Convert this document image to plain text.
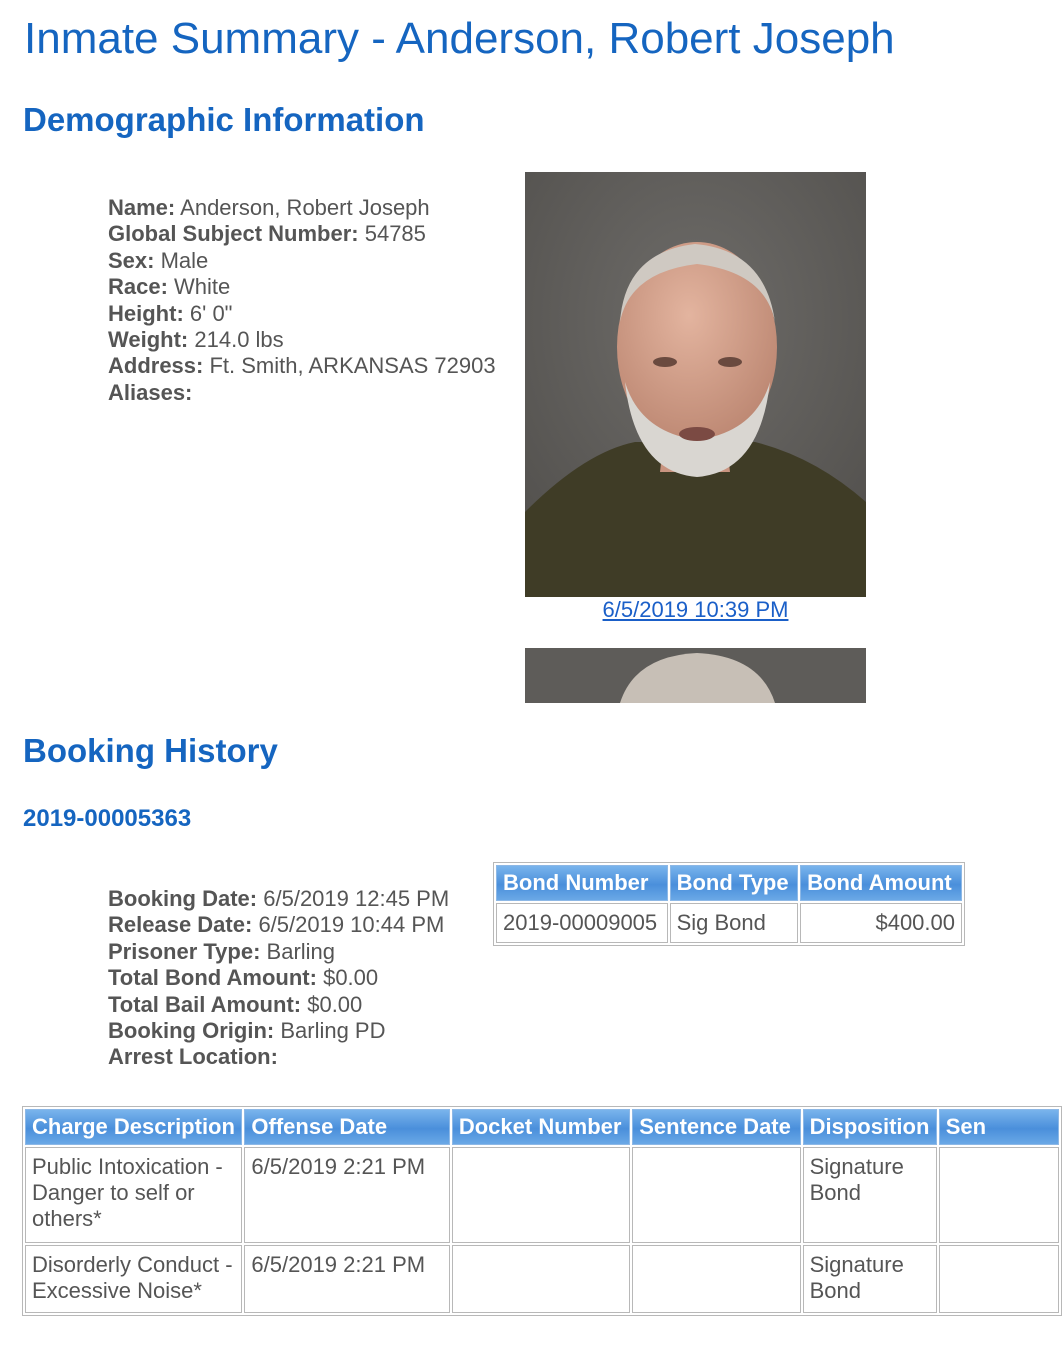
Inmate Summary - Anderson, Robert Joseph
Demographic Information
Name: Anderson, Robert Joseph
Global Subject Number: 54785
Sex: Male
Race: White
Height: 6' 0"
Weight: 214.0 lbs
Address: Ft. Smith, ARKANSAS 72903
Aliases:
6/5/2019 10:39 PM
Booking History
2019-00005363
Booking Date: 6/5/2019 12:45 PM
Release Date: 6/5/2019 10:44 PM
Prisoner Type: Barling
Total Bond Amount: $0.00
Total Bail Amount: $0.00
Booking Origin: Barling PD
Arrest Location:
Bond Number	Bond Type	Bond Amount
2019-00009005	Sig Bond	$400.00
Charge Description	Offense Date	Docket Number	Sentence Date	Disposition	Sen
Public Intoxication - Danger to self or others*	6/5/2019 2:21 PM			Signature Bond	
Disorderly Conduct - Excessive Noise*	6/5/2019 2:21 PM			Signature Bond	
